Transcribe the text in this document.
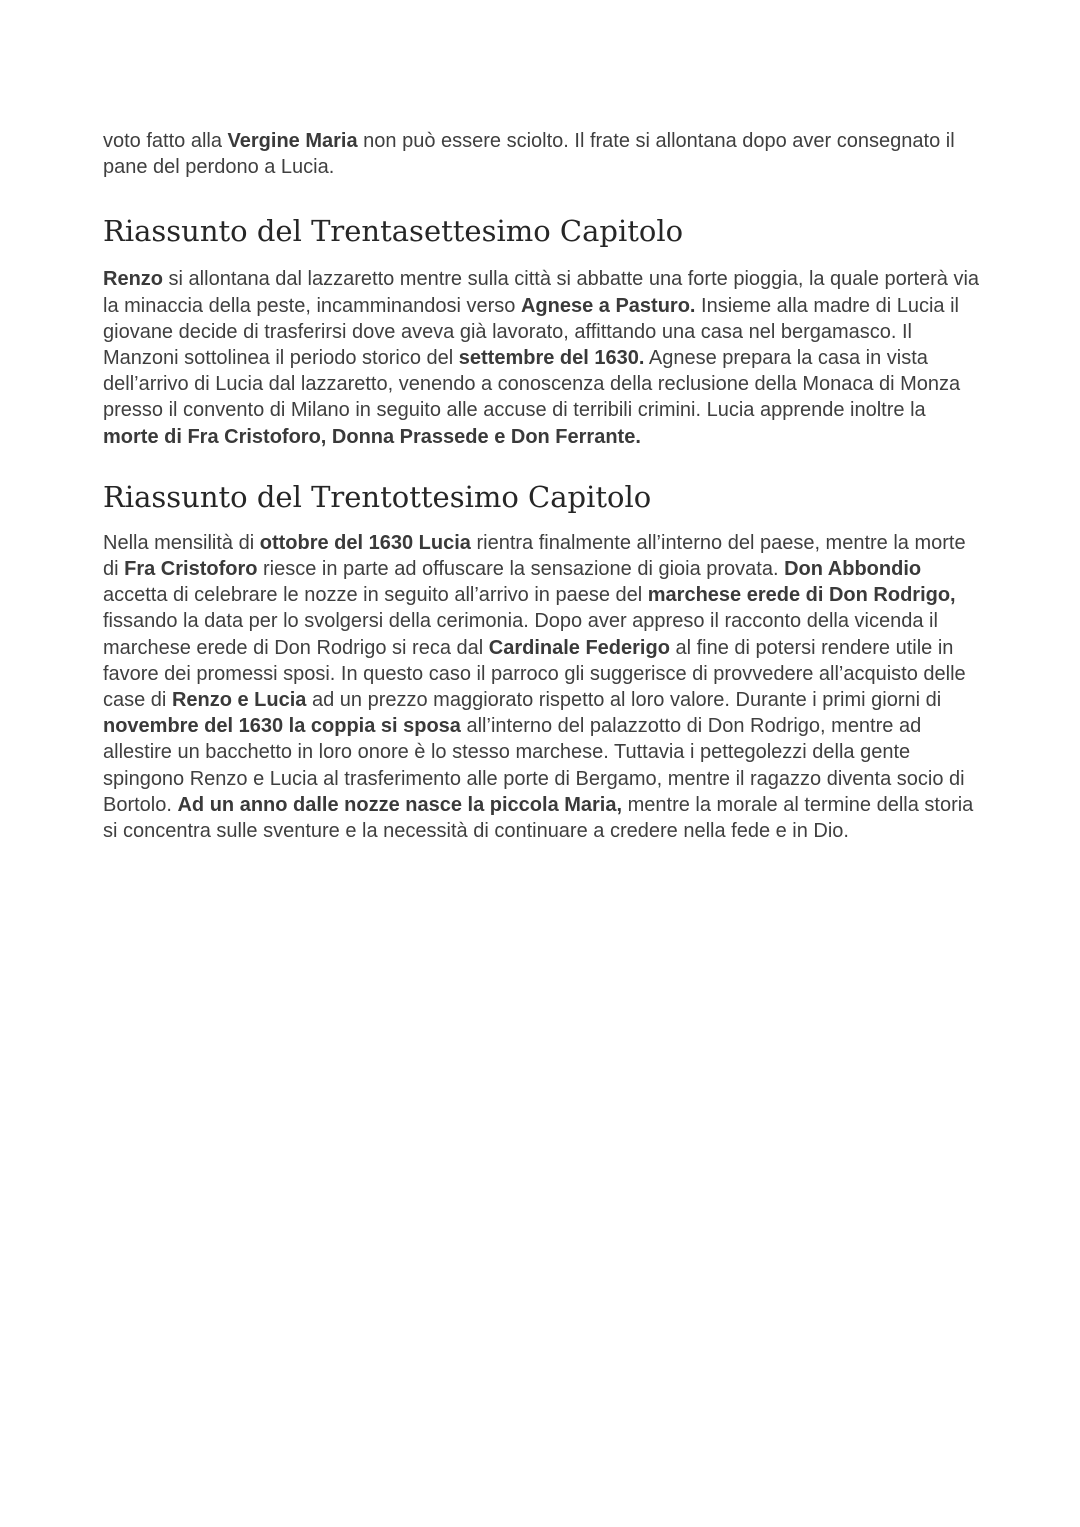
voto fatto alla Vergine Maria non può essere sciolto. Il frate si allontana dopo aver consegnato il pane del perdono a Lucia.

Riassunto del Trentasettesimo Capitolo

Renzo si allontana dal lazzaretto mentre sulla città si abbatte una forte pioggia, la quale porterà via la minaccia della peste, incamminandosi verso Agnese a Pasturo. Insieme alla madre di Lucia il giovane decide di trasferirsi dove aveva già lavorato, affittando una casa nel bergamasco. Il Manzoni sottolinea il periodo storico del settembre del 1630. Agnese prepara la casa in vista dell’arrivo di Lucia dal lazzaretto, venendo a conoscenza della reclusione della Monaca di Monza presso il convento di Milano in seguito alle accuse di terribili crimini. Lucia apprende inoltre la morte di Fra Cristoforo, Donna Prassede e Don Ferrante.

Riassunto del Trentottesimo Capitolo

Nella mensilità di ottobre del 1630 Lucia rientra finalmente all’interno del paese, mentre la morte di Fra Cristoforo riesce in parte ad offuscare la sensazione di gioia provata. Don Abbondio accetta di celebrare le nozze in seguito all’arrivo in paese del marchese erede di Don Rodrigo, fissando la data per lo svolgersi della cerimonia. Dopo aver appreso il racconto della vicenda il marchese erede di Don Rodrigo si reca dal Cardinale Federigo al fine di potersi rendere utile in favore dei promessi sposi. In questo caso il parroco gli suggerisce di provvedere all’acquisto delle case di Renzo e Lucia ad un prezzo maggiorato rispetto al loro valore. Durante i primi giorni di novembre del 1630 la coppia si sposa all’interno del palazzotto di Don Rodrigo, mentre ad allestire un bacchetto in loro onore è lo stesso marchese. Tuttavia i pettegolezzi della gente spingono Renzo e Lucia al trasferimento alle porte di Bergamo, mentre il ragazzo diventa socio di Bortolo. Ad un anno dalle nozze nasce la piccola Maria, mentre la morale al termine della storia si concentra sulle sventure e la necessità di continuare a credere nella fede e in Dio.
